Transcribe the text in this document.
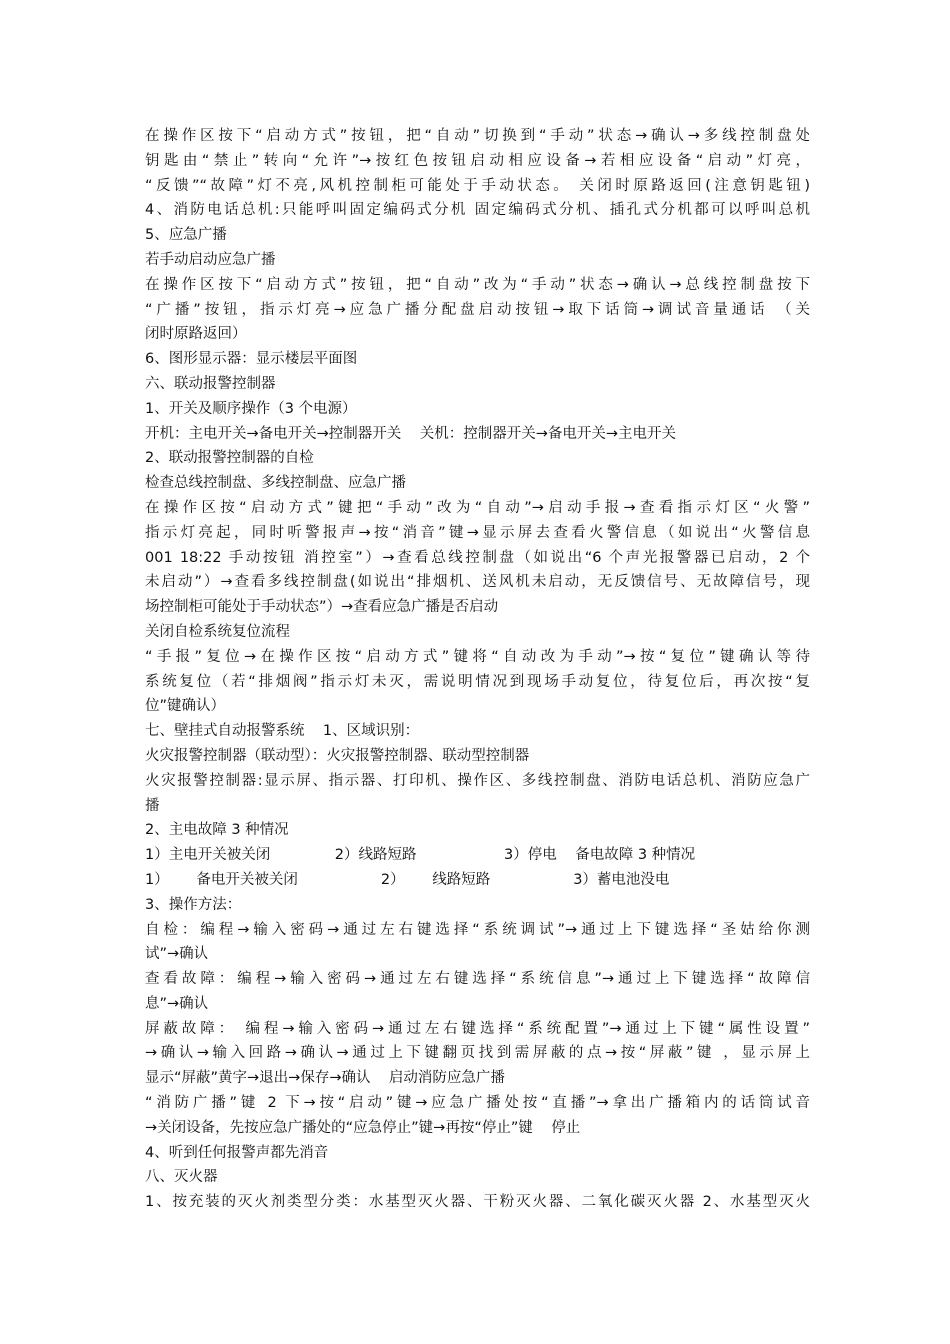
在操作区按下“启动方式”按钮，把“自动”切换到“手动”状态→确认→多线控制盘处
钥匙由“禁止”转向“允许”→按红色按钮启动相应设备→若相应设备“启动”灯亮，
“反馈”“故障”灯不亮,风机控制柜可能处于手动状态。 关闭时原路返回(注意钥匙钮)
4、消防电话总机:只能呼叫固定编码式分机 固定编码式分机、插孔式分机都可以呼叫总机
5、应急广播
若手动启动应急广播
在操作区按下“启动方式”按钮，把“自动”改为“手动”状态→确认→总线控制盘按下
“广播”按钮，指示灯亮→应急广播分配盘启动按钮→取下话筒→调试音量通话 （关
闭时原路返回）
6、图形显示器：显示楼层平面图
六、联动报警控制器
1、开关及顺序操作（3 个电源）
开机：主电开关→备电开关→控制器开关    关机：控制器开关→备电开关→主电开关
2、联动报警控制器的自检
检查总线控制盘、多线控制盘、应急广播
在操作区按“启动方式”键把“手动”改为“自动”→启动手报→查看指示灯区“火警”
指示灯亮起，同时听警报声→按“消音”键→显示屏去查看火警信息（如说出“火警信息
001 18:22 手动按钮 消控室”）→查看总线控制盘（如说出“6 个声光报警器已启动，2 个
未启动”）→查看多线控制盘(如说出“排烟机、送风机未启动，无反馈信号、无故障信号，现
场控制柜可能处于手动状态”）→查看应急广播是否启动
关闭自检系统复位流程
“手报”复位→在操作区按“启动方式”键将“自动改为手动”→按“复位”键确认等待
系统复位（若“排烟阀”指示灯未灭，需说明情况到现场手动复位，待复位后，再次按“复
位”键确认）
七、壁挂式自动报警系统    1、区域识别：
火灾报警控制器（联动型）：火灾报警控制器、联动型控制器
火灾报警控制器:显示屏、指示器、打印机、操作区、多线控制盘、消防电话总机、消防应急广
播
2、主电故障 3 种情况
1）主电开关被关闭              2）线路短路                   3）停电    备电故障 3 种情况
1）      备电开关被关闭                  2）      线路短路                  3）蓄电池没电
3、操作方法：
自检：编程→输入密码→通过左右键选择“系统调试”→通过上下键选择“圣姑给你测
试”→确认
查看故障：编程→输入密码→通过左右键选择“系统信息”→通过上下键选择“故障信
息”→确认
屏蔽故障： 编程→输入密码→通过左右键选择“系统配置”→通过上下键“属性设置”
→确认→输入回路→确认→通过上下键翻页找到需屏蔽的点→按“屏蔽”键 ，显示屏上
显示“屏蔽”黄字→退出→保存→确认    启动消防应急广播
“消防广播”键 2 下→按“启动”键→应急广播处按“直播”→拿出广播箱内的话筒试音
→关闭设备，先按应急广播处的“应急停止”键→再按“停止”键    停止
4、听到任何报警声都先消音
八、灭火器
1、按充装的灭火剂类型分类：水基型灭火器、干粉灭火器、二氧化碳灭火器 2、水基型灭火
